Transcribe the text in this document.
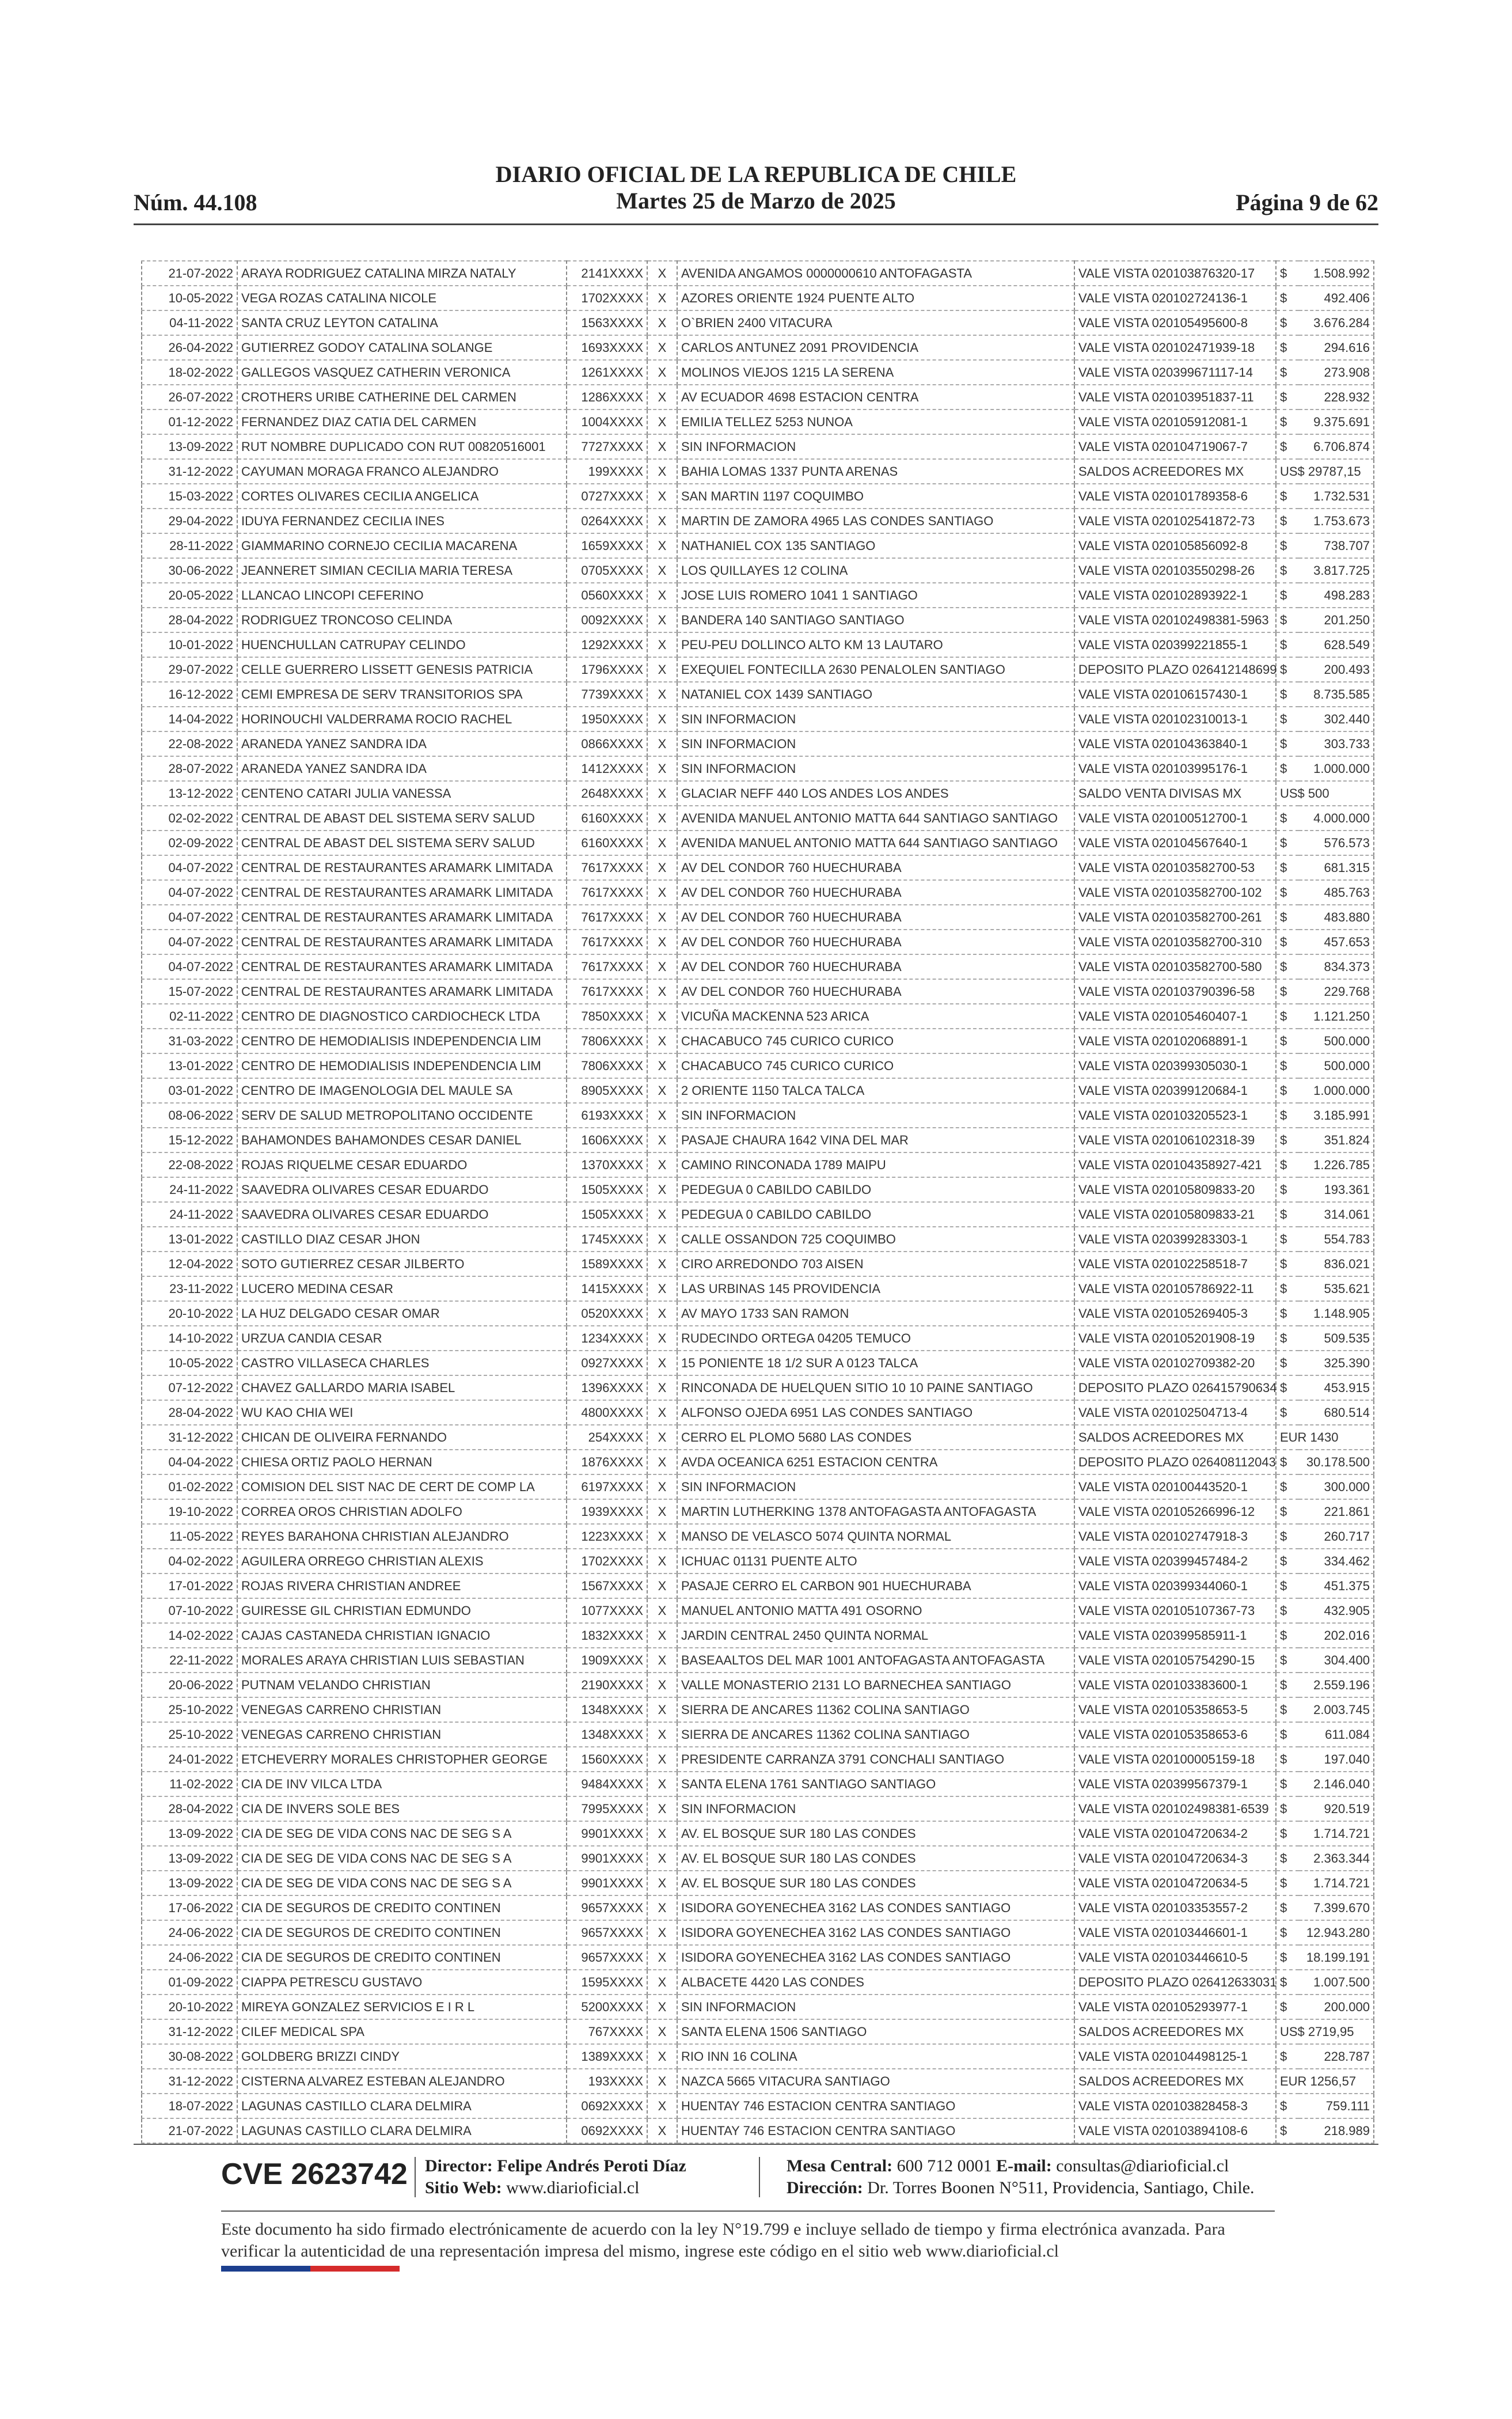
Núm. 44.108
DIARIO OFICIAL DE LA REPUBLICA DE CHILE
Martes 25 de Marzo de 2025	Página 9 de 62
21-07-2022	ARAYA RODRIGUEZ CATALINA MIRZA NATALY	2141XXXX	X	AVENIDA ANGAMOS 0000000610 ANTOFAGASTA	VALE VISTA 020103876320-17	$	1.508.992
10-05-2022	VEGA ROZAS CATALINA NICOLE	1702XXXX	X	AZORES ORIENTE 1924 PUENTE ALTO	VALE VISTA 020102724136-1	$	492.406
04-11-2022	SANTA CRUZ LEYTON CATALINA	1563XXXX	X	O`BRIEN 2400 VITACURA	VALE VISTA 020105495600-8	$	3.676.284
26-04-2022	GUTIERREZ GODOY CATALINA SOLANGE	1693XXXX	X	CARLOS ANTUNEZ 2091 PROVIDENCIA	VALE VISTA 020102471939-18	$	294.616
18-02-2022	GALLEGOS VASQUEZ CATHERIN VERONICA	1261XXXX	X	MOLINOS VIEJOS 1215 LA SERENA	VALE VISTA 020399671117-14	$	273.908
26-07-2022	CROTHERS URIBE CATHERINE DEL CARMEN	1286XXXX	X	AV ECUADOR 4698 ESTACION CENTRA	VALE VISTA 020103951837-11	$	228.932
01-12-2022	FERNANDEZ DIAZ CATIA DEL CARMEN	1004XXXX	X	EMILIA TELLEZ 5253 NUNOA	VALE VISTA 020105912081-1	$	9.375.691
13-09-2022	RUT NOMBRE DUPLICADO CON RUT 00820516001	7727XXXX	X	SIN INFORMACION	VALE VISTA 020104719067-7	$	6.706.874
31-12-2022	CAYUMAN MORAGA FRANCO ALEJANDRO	199XXXX	X	BAHIA LOMAS 1337 PUNTA ARENAS	SALDOS ACREEDORES MX	US$ 29787,15	
15-03-2022	CORTES OLIVARES CECILIA ANGELICA	0727XXXX	X	SAN MARTIN 1197 COQUIMBO	VALE VISTA 020101789358-6	$	1.732.531
29-04-2022	IDUYA FERNANDEZ CECILIA INES	0264XXXX	X	MARTIN DE ZAMORA 4965 LAS CONDES SANTIAGO	VALE VISTA 020102541872-73	$	1.753.673
28-11-2022	GIAMMARINO CORNEJO CECILIA MACARENA	1659XXXX	X	NATHANIEL COX 135 SANTIAGO	VALE VISTA 020105856092-8	$	738.707
30-06-2022	JEANNERET SIMIAN CECILIA MARIA TERESA	0705XXXX	X	LOS QUILLAYES 12 COLINA	VALE VISTA 020103550298-26	$	3.817.725
20-05-2022	LLANCAO LINCOPI CEFERINO	0560XXXX	X	JOSE LUIS ROMERO 1041 1 SANTIAGO	VALE VISTA 020102893922-1	$	498.283
28-04-2022	RODRIGUEZ TRONCOSO CELINDA	0092XXXX	X	BANDERA 140 SANTIAGO SANTIAGO	VALE VISTA 020102498381-5963	$	201.250
10-01-2022	HUENCHULLAN CATRUPAY CELINDO	1292XXXX	X	PEU-PEU DOLLINCO ALTO KM 13 LAUTARO	VALE VISTA 020399221855-1	$	628.549
29-07-2022	CELLE GUERRERO LISSETT GENESIS PATRICIA	1796XXXX	X	EXEQUIEL FONTECILLA 2630 PENALOLEN SANTIAGO	DEPOSITO PLAZO 026412148699	$	200.493
16-12-2022	CEMI EMPRESA DE SERV TRANSITORIOS SPA	7739XXXX	X	NATANIEL COX 1439 SANTIAGO	VALE VISTA 020106157430-1	$	8.735.585
14-04-2022	HORINOUCHI VALDERRAMA ROCIO RACHEL	1950XXXX	X	SIN INFORMACION	VALE VISTA 020102310013-1	$	302.440
22-08-2022	ARANEDA YANEZ SANDRA IDA	0866XXXX	X	SIN INFORMACION	VALE VISTA 020104363840-1	$	303.733
28-07-2022	ARANEDA YANEZ SANDRA IDA	1412XXXX	X	SIN INFORMACION	VALE VISTA 020103995176-1	$	1.000.000
13-12-2022	CENTENO CATARI JULIA VANESSA	2648XXXX	X	GLACIAR NEFF 440 LOS ANDES LOS ANDES	SALDO VENTA DIVISAS MX	US$ 500	
02-02-2022	CENTRAL DE ABAST DEL SISTEMA SERV SALUD	6160XXXX	X	AVENIDA MANUEL ANTONIO MATTA 644 SANTIAGO SANTIAGO	VALE VISTA 020100512700-1	$	4.000.000
02-09-2022	CENTRAL DE ABAST DEL SISTEMA SERV SALUD	6160XXXX	X	AVENIDA MANUEL ANTONIO MATTA 644 SANTIAGO SANTIAGO	VALE VISTA 020104567640-1	$	576.573
04-07-2022	CENTRAL DE RESTAURANTES ARAMARK LIMITADA	7617XXXX	X	AV DEL CONDOR 760 HUECHURABA	VALE VISTA 020103582700-53	$	681.315
04-07-2022	CENTRAL DE RESTAURANTES ARAMARK LIMITADA	7617XXXX	X	AV DEL CONDOR 760 HUECHURABA	VALE VISTA 020103582700-102	$	485.763
04-07-2022	CENTRAL DE RESTAURANTES ARAMARK LIMITADA	7617XXXX	X	AV DEL CONDOR 760 HUECHURABA	VALE VISTA 020103582700-261	$	483.880
04-07-2022	CENTRAL DE RESTAURANTES ARAMARK LIMITADA	7617XXXX	X	AV DEL CONDOR 760 HUECHURABA	VALE VISTA 020103582700-310	$	457.653
04-07-2022	CENTRAL DE RESTAURANTES ARAMARK LIMITADA	7617XXXX	X	AV DEL CONDOR 760 HUECHURABA	VALE VISTA 020103582700-580	$	834.373
15-07-2022	CENTRAL DE RESTAURANTES ARAMARK LIMITADA	7617XXXX	X	AV DEL CONDOR 760 HUECHURABA	VALE VISTA 020103790396-58	$	229.768
02-11-2022	CENTRO DE DIAGNOSTICO CARDIOCHECK LTDA	7850XXXX	X	VICUÑA MACKENNA 523 ARICA	VALE VISTA 020105460407-1	$	1.121.250
31-03-2022	CENTRO DE HEMODIALISIS INDEPENDENCIA LIM	7806XXXX	X	CHACABUCO 745 CURICO CURICO	VALE VISTA 020102068891-1	$	500.000
13-01-2022	CENTRO DE HEMODIALISIS INDEPENDENCIA LIM	7806XXXX	X	CHACABUCO 745 CURICO CURICO	VALE VISTA 020399305030-1	$	500.000
03-01-2022	CENTRO DE IMAGENOLOGIA DEL MAULE SA	8905XXXX	X	2 ORIENTE 1150 TALCA TALCA	VALE VISTA 020399120684-1	$	1.000.000
08-06-2022	SERV DE SALUD METROPOLITANO OCCIDENTE	6193XXXX	X	SIN INFORMACION	VALE VISTA 020103205523-1	$	3.185.991
15-12-2022	BAHAMONDES BAHAMONDES CESAR DANIEL	1606XXXX	X	PASAJE CHAURA 1642 VINA DEL MAR	VALE VISTA 020106102318-39	$	351.824
22-08-2022	ROJAS RIQUELME CESAR EDUARDO	1370XXXX	X	CAMINO RINCONADA 1789 MAIPU	VALE VISTA 020104358927-421	$	1.226.785
24-11-2022	SAAVEDRA OLIVARES CESAR EDUARDO	1505XXXX	X	PEDEGUA 0 CABILDO CABILDO	VALE VISTA 020105809833-20	$	193.361
24-11-2022	SAAVEDRA OLIVARES CESAR EDUARDO	1505XXXX	X	PEDEGUA 0 CABILDO CABILDO	VALE VISTA 020105809833-21	$	314.061
13-01-2022	CASTILLO DIAZ CESAR JHON	1745XXXX	X	CALLE OSSANDON 725 COQUIMBO	VALE VISTA 020399283303-1	$	554.783
12-04-2022	SOTO GUTIERREZ CESAR JILBERTO	1589XXXX	X	CIRO ARREDONDO 703 AISEN	VALE VISTA 020102258518-7	$	836.021
23-11-2022	LUCERO MEDINA CESAR	1415XXXX	X	LAS URBINAS 145 PROVIDENCIA	VALE VISTA 020105786922-11	$	535.621
20-10-2022	LA HUZ DELGADO CESAR OMAR	0520XXXX	X	AV MAYO 1733 SAN RAMON	VALE VISTA 020105269405-3	$	1.148.905
14-10-2022	URZUA CANDIA CESAR	1234XXXX	X	RUDECINDO ORTEGA 04205 TEMUCO	VALE VISTA 020105201908-19	$	509.535
10-05-2022	CASTRO VILLASECA CHARLES	0927XXXX	X	15 PONIENTE 18 1/2 SUR A 0123 TALCA	VALE VISTA 020102709382-20	$	325.390
07-12-2022	CHAVEZ GALLARDO MARIA ISABEL	1396XXXX	X	RINCONADA DE HUELQUEN SITIO 10 10 PAINE SANTIAGO	DEPOSITO PLAZO 026415790634	$	453.915
28-04-2022	WU KAO CHIA WEI	4800XXXX	X	ALFONSO OJEDA 6951 LAS CONDES SANTIAGO	VALE VISTA 020102504713-4	$	680.514
31-12-2022	CHICAN DE OLIVEIRA FERNANDO	254XXXX	X	CERRO EL PLOMO 5680 LAS CONDES	SALDOS ACREEDORES MX	EUR 1430	
04-04-2022	CHIESA ORTIZ PAOLO HERNAN	1876XXXX	X	AVDA OCEANICA 6251 ESTACION CENTRA	DEPOSITO PLAZO 026408112043	$	30.178.500
01-02-2022	COMISION DEL SIST NAC DE CERT DE COMP LA	6197XXXX	X	SIN INFORMACION	VALE VISTA 020100443520-1	$	300.000
19-10-2022	CORREA OROS CHRISTIAN ADOLFO	1939XXXX	X	MARTIN LUTHERKING 1378 ANTOFAGASTA ANTOFAGASTA	VALE VISTA 020105266996-12	$	221.861
11-05-2022	REYES BARAHONA CHRISTIAN ALEJANDRO	1223XXXX	X	MANSO DE VELASCO 5074 QUINTA NORMAL	VALE VISTA 020102747918-3	$	260.717
04-02-2022	AGUILERA ORREGO CHRISTIAN ALEXIS	1702XXXX	X	ICHUAC 01131 PUENTE ALTO	VALE VISTA 020399457484-2	$	334.462
17-01-2022	ROJAS RIVERA CHRISTIAN ANDREE	1567XXXX	X	PASAJE CERRO EL CARBON 901 HUECHURABA	VALE VISTA 020399344060-1	$	451.375
07-10-2022	GUIRESSE GIL CHRISTIAN EDMUNDO	1077XXXX	X	MANUEL ANTONIO MATTA 491 OSORNO	VALE VISTA 020105107367-73	$	432.905
14-02-2022	CAJAS CASTANEDA CHRISTIAN IGNACIO	1832XXXX	X	JARDIN CENTRAL 2450 QUINTA NORMAL	VALE VISTA 020399585911-1	$	202.016
22-11-2022	MORALES ARAYA CHRISTIAN LUIS SEBASTIAN	1909XXXX	X	BASEAALTOS DEL MAR 1001 ANTOFAGASTA ANTOFAGASTA	VALE VISTA 020105754290-15	$	304.400
20-06-2022	PUTNAM VELANDO CHRISTIAN	2190XXXX	X	VALLE MONASTERIO 2131 LO BARNECHEA SANTIAGO	VALE VISTA 020103383600-1	$	2.559.196
25-10-2022	VENEGAS CARRENO CHRISTIAN	1348XXXX	X	SIERRA DE ANCARES 11362 COLINA SANTIAGO	VALE VISTA 020105358653-5	$	2.003.745
25-10-2022	VENEGAS CARRENO CHRISTIAN	1348XXXX	X	SIERRA DE ANCARES 11362 COLINA SANTIAGO	VALE VISTA 020105358653-6	$	611.084
24-01-2022	ETCHEVERRY MORALES CHRISTOPHER GEORGE	1560XXXX	X	PRESIDENTE CARRANZA 3791 CONCHALI SANTIAGO	VALE VISTA 020100005159-18	$	197.040
11-02-2022	CIA DE INV VILCA LTDA	9484XXXX	X	SANTA ELENA 1761 SANTIAGO SANTIAGO	VALE VISTA 020399567379-1	$	2.146.040
28-04-2022	CIA DE INVERS SOLE BES	7995XXXX	X	SIN INFORMACION	VALE VISTA 020102498381-6539	$	920.519
13-09-2022	CIA DE SEG DE VIDA CONS NAC DE SEG S A	9901XXXX	X	AV. EL BOSQUE SUR 180 LAS CONDES	VALE VISTA 020104720634-2	$	1.714.721
13-09-2022	CIA DE SEG DE VIDA CONS NAC DE SEG S A	9901XXXX	X	AV. EL BOSQUE SUR 180 LAS CONDES	VALE VISTA 020104720634-3	$	2.363.344
13-09-2022	CIA DE SEG DE VIDA CONS NAC DE SEG S A	9901XXXX	X	AV. EL BOSQUE SUR 180 LAS CONDES	VALE VISTA 020104720634-5	$	1.714.721
17-06-2022	CIA DE SEGUROS DE CREDITO CONTINEN	9657XXXX	X	ISIDORA GOYENECHEA 3162 LAS CONDES SANTIAGO	VALE VISTA 020103353557-2	$	7.399.670
24-06-2022	CIA DE SEGUROS DE CREDITO CONTINEN	9657XXXX	X	ISIDORA GOYENECHEA 3162 LAS CONDES SANTIAGO	VALE VISTA 020103446601-1	$	12.943.280
24-06-2022	CIA DE SEGUROS DE CREDITO CONTINEN	9657XXXX	X	ISIDORA GOYENECHEA 3162 LAS CONDES SANTIAGO	VALE VISTA 020103446610-5	$	18.199.191
01-09-2022	CIAPPA PETRESCU GUSTAVO	1595XXXX	X	ALBACETE 4420 LAS CONDES	DEPOSITO PLAZO 026412633031	$	1.007.500
20-10-2022	MIREYA GONZALEZ SERVICIOS E I R L	5200XXXX	X	SIN INFORMACION	VALE VISTA 020105293977-1	$	200.000
31-12-2022	CILEF MEDICAL SPA	767XXXX	X	SANTA ELENA 1506 SANTIAGO	SALDOS ACREEDORES MX	US$ 2719,95	
30-08-2022	GOLDBERG BRIZZI CINDY	1389XXXX	X	RIO INN 16 COLINA	VALE VISTA 020104498125-1	$	228.787
31-12-2022	CISTERNA ALVAREZ ESTEBAN ALEJANDRO	193XXXX	X	NAZCA 5665 VITACURA SANTIAGO	SALDOS ACREEDORES MX	EUR 1256,57	
18-07-2022	LAGUNAS CASTILLO CLARA DELMIRA	0692XXXX	X	HUENTAY 746 ESTACION CENTRA SANTIAGO	VALE VISTA 020103828458-3	$	759.111
21-07-2022	LAGUNAS CASTILLO CLARA DELMIRA	0692XXXX	X	HUENTAY 746 ESTACION CENTRA SANTIAGO	VALE VISTA 020103894108-6	$	218.989
CVE 2623742 Director: Felipe Andrés Peroti Díaz
Sitio Web: www.diarioficial.cl
Mesa Central: 600 712 0001 E-mail: consultas@diarioficial.cl
Dirección: Dr. Torres Boonen N°511, Providencia, Santiago, Chile.
Este documento ha sido firmado electrónicamente de acuerdo con la ley N°19.799 e incluye sellado de tiempo y firma electrónica avanzada. Para verificar la autenticidad de una representación impresa del mismo, ingrese este código en el sitio web www.diarioficial.cl
